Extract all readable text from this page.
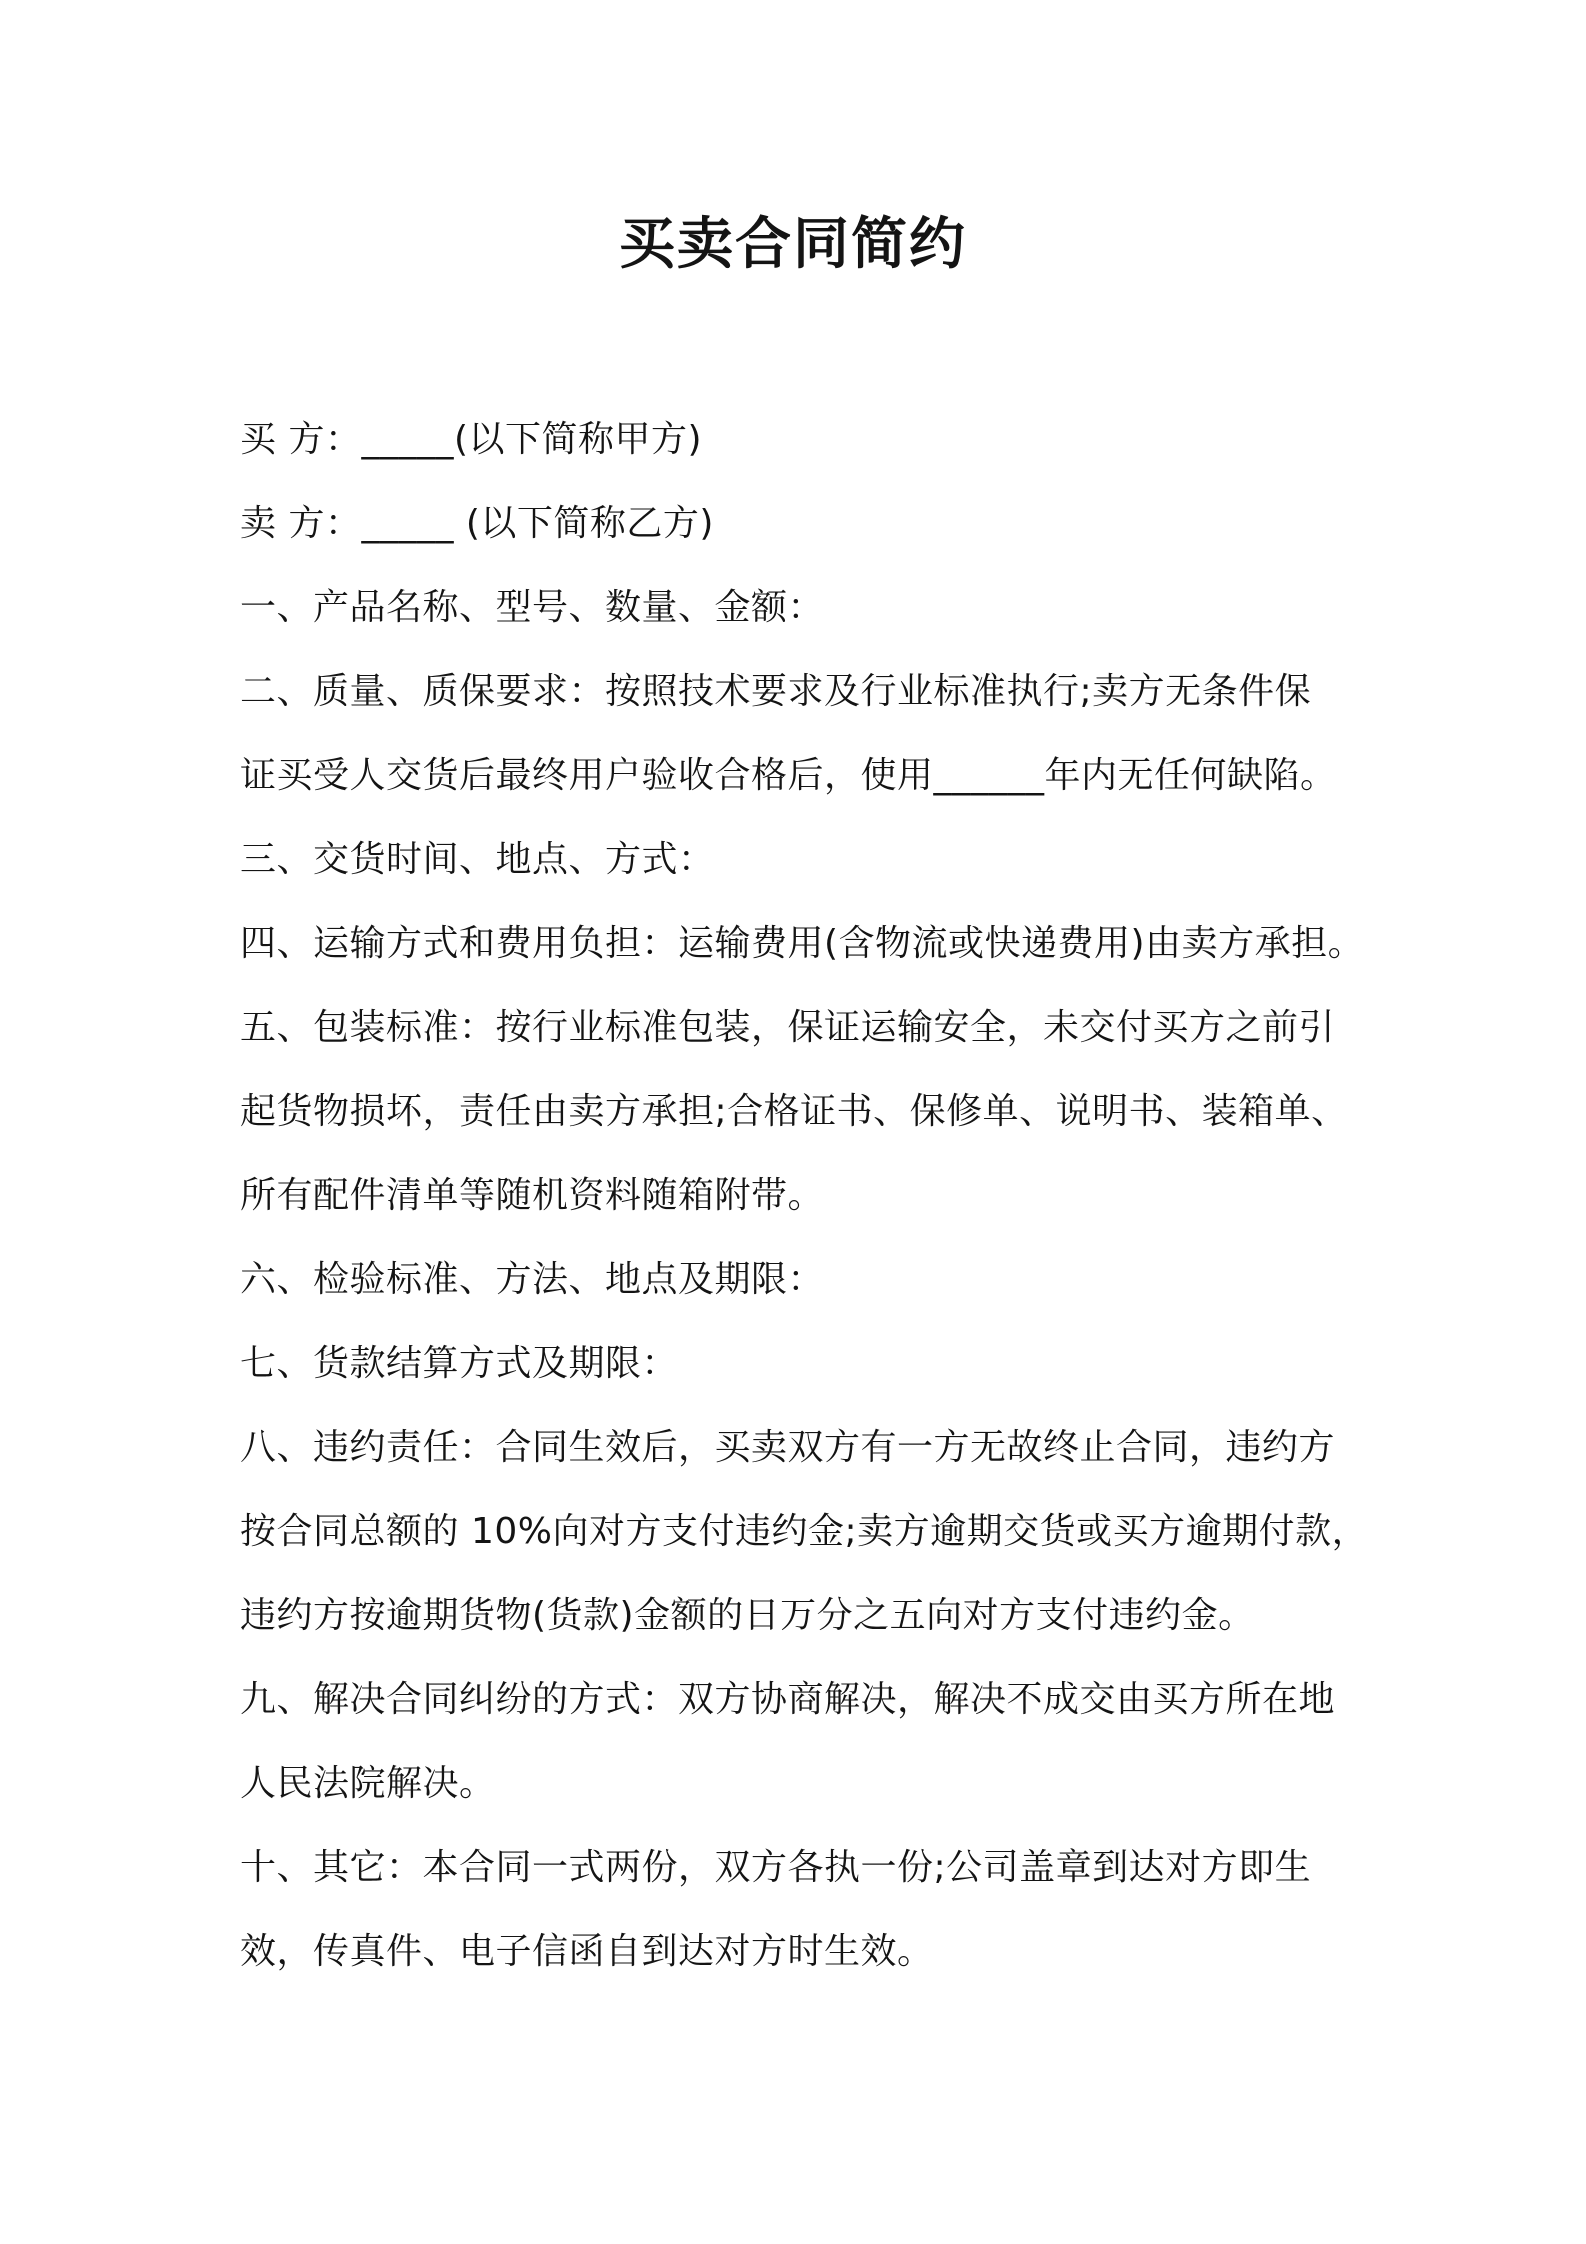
买卖合同简约
买 方：_____(以下简称甲方)
卖 方：_____ (以下简称乙方)
一、产品名称、型号、数量、金额：
二、质量、质保要求：按照技术要求及行业标准执行;卖方无条件保
证买受人交货后最终用户验收合格后，使用______年内无任何缺陷。
三、交货时间、地点、方式：
四、运输方式和费用负担：运输费用(含物流或快递费用)由卖方承担。
五、包装标准：按行业标准包装，保证运输安全，未交付买方之前引
起货物损坏，责任由卖方承担;合格证书、保修单、说明书、装箱单、
所有配件清单等随机资料随箱附带。
六、检验标准、方法、地点及期限：
七、货款结算方式及期限：
八、违约责任：合同生效后，买卖双方有一方无故终止合同，违约方
按合同总额的 10%向对方支付违约金;卖方逾期交货或买方逾期付款，
违约方按逾期货物(货款)金额的日万分之五向对方支付违约金。
九、解决合同纠纷的方式：双方协商解决，解决不成交由买方所在地
人民法院解决。
十、其它：本合同一式两份，双方各执一份;公司盖章到达对方即生
效，传真件、电子信函自到达对方时生效。
